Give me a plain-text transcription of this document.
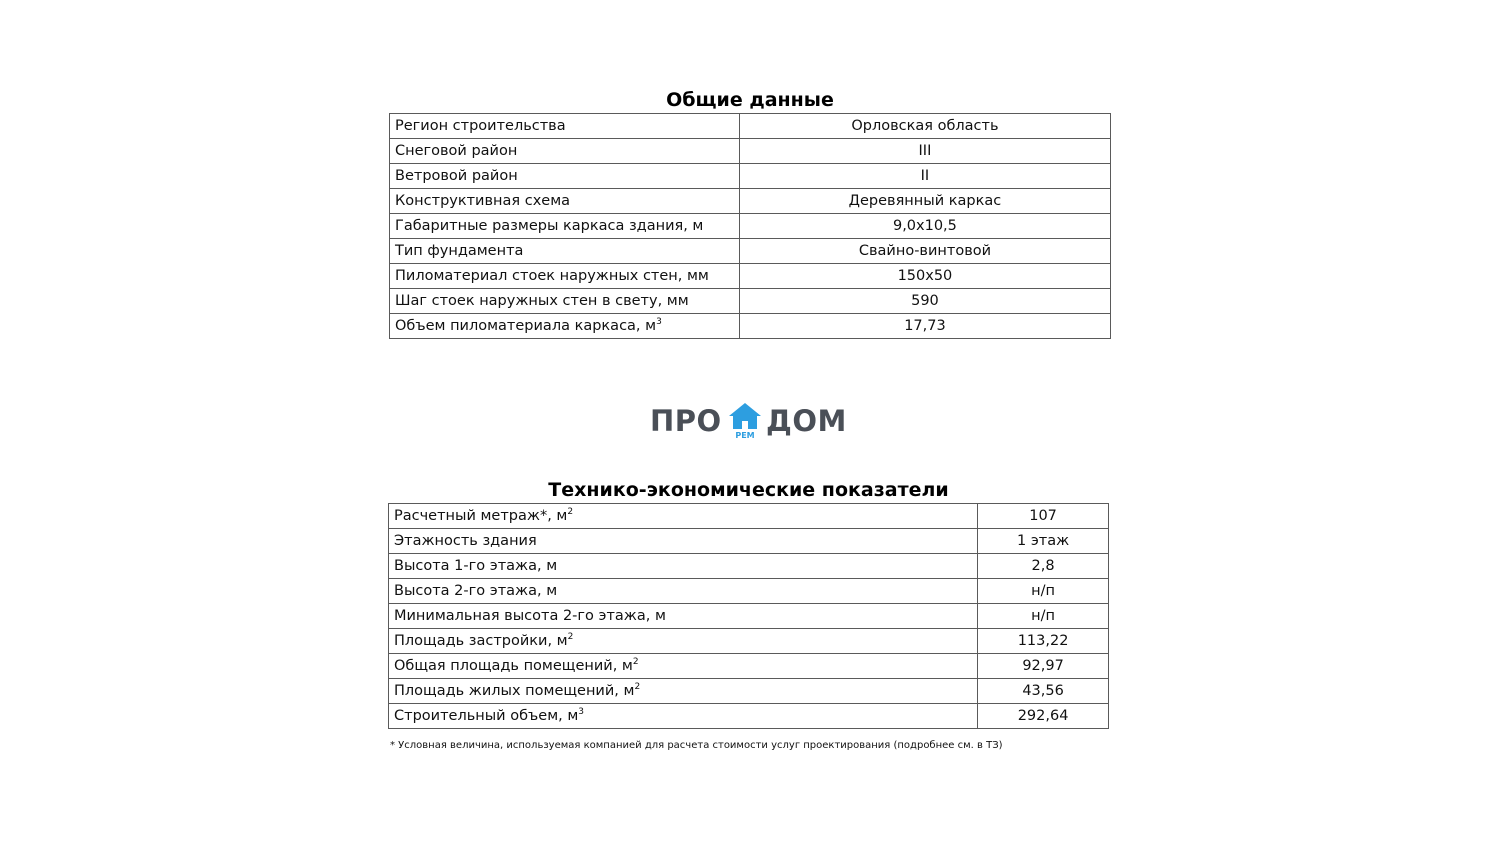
Общие данные
Регион строительства	Орловская область
Снеговой район	III
Ветровой район	II
Конструктивная схема	Деревянный каркас
Габаритные размеры каркаса здания, м	9,0х10,5
Тип фундамента	Свайно-винтовой
Пиломатериал стоек наружных стен, мм	150х50
Шаг стоек наружных стен в свету, мм	590
Объем пиломатериала каркаса, $м^3$	17,73
ПРО РЕМ ДОМ
Технико-экономические показатели
Расчетный метраж*, $м^2$	107
Этажность здания	1 этаж
Высота 1-го этажа, м	2,8
Высота 2-го этажа, м	н/п
Минимальная высота 2-го этажа, м	н/п
Площадь застройки, $м^2$	113,22
Общая площадь помещений, $м^2$	92,97
Площадь жилых помещений, $м^2$	43,56
Строительный объем, $м^3$	292,64
* Условная величина, используемая компанией для расчета стоимости услуг проектирования (подробнее см. в ТЗ)
